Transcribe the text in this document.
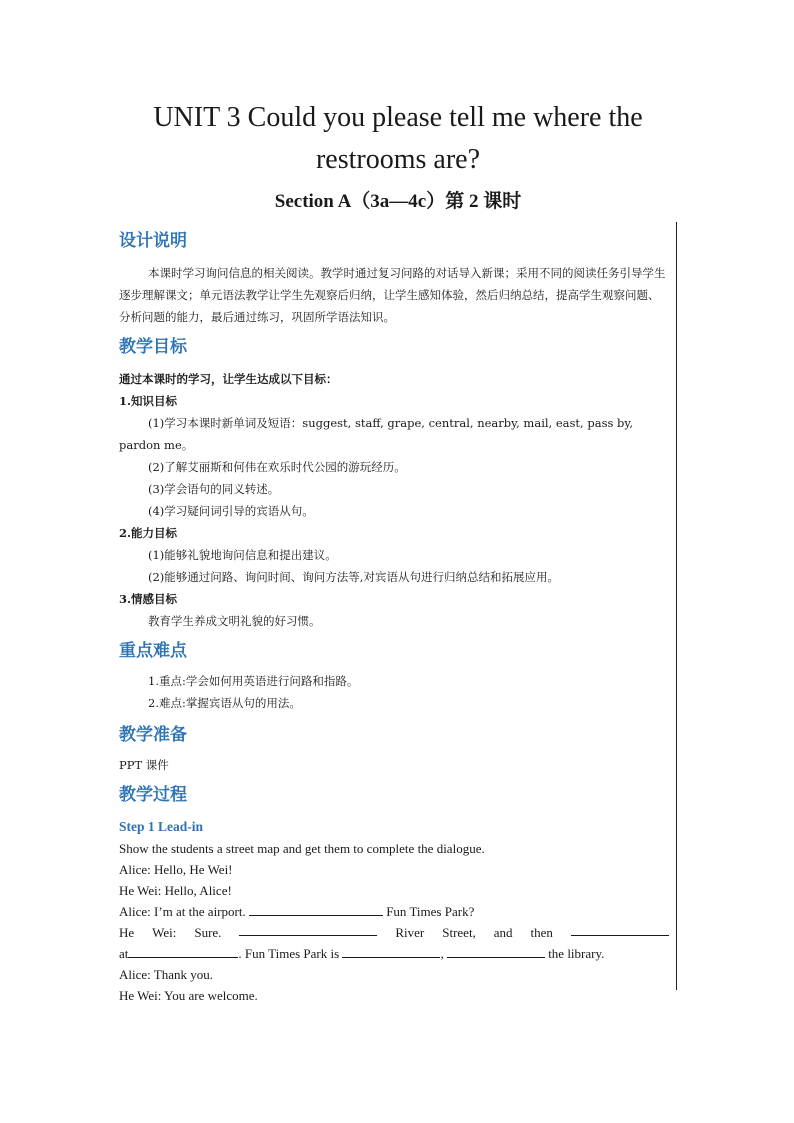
UNIT 3 Could you please tell me where the
restrooms are?
Section A（3a—4c）第 2 课时

设计说明

本课时学习询问信息的相关阅读。教学时通过复习问路的对话导入新课；采用不同的阅读任务引导学生逐步理解课文；单元语法教学让学生先观察后归纳，让学生感知体验，然后归纳总结，提高学生观察问题、分析问题的能力，最后通过练习，巩固所学语法知识。

教学目标

通过本课时的学习，让学生达成以下目标：

1.知识目标

(1)学习本课时新单词及短语：suggest, staff, grape, central, nearby, mail, east, pass by,

pardon me。

(2)了解艾丽斯和何伟在欢乐时代公园的游玩经历。

(3)学会语句的同义转述。

(4)学习疑问词引导的宾语从句。

2.能力目标

(1)能够礼貌地询问信息和提出建议。

(2)能够通过问路、询问时间、询问方法等,对宾语从句进行归纳总结和拓展应用。

3.情感目标

教育学生养成文明礼貌的好习惯。

重点难点

1.重点:学会如何用英语进行问路和指路。

2.难点:掌握宾语从句的用法。

教学准备

PPT 课件

教学过程

Step 1 Lead-in

Show the students a street map and get them to complete the dialogue.

Alice: Hello, He Wei!

He Wei: Hello, Alice!

Alice: I’m at the airport.	Fun Times Park?

He Wei: Sure.	River Street, and then

at	. Fun Times Park is	,	the library.

Alice: Thank you.

He Wei: You are welcome.
